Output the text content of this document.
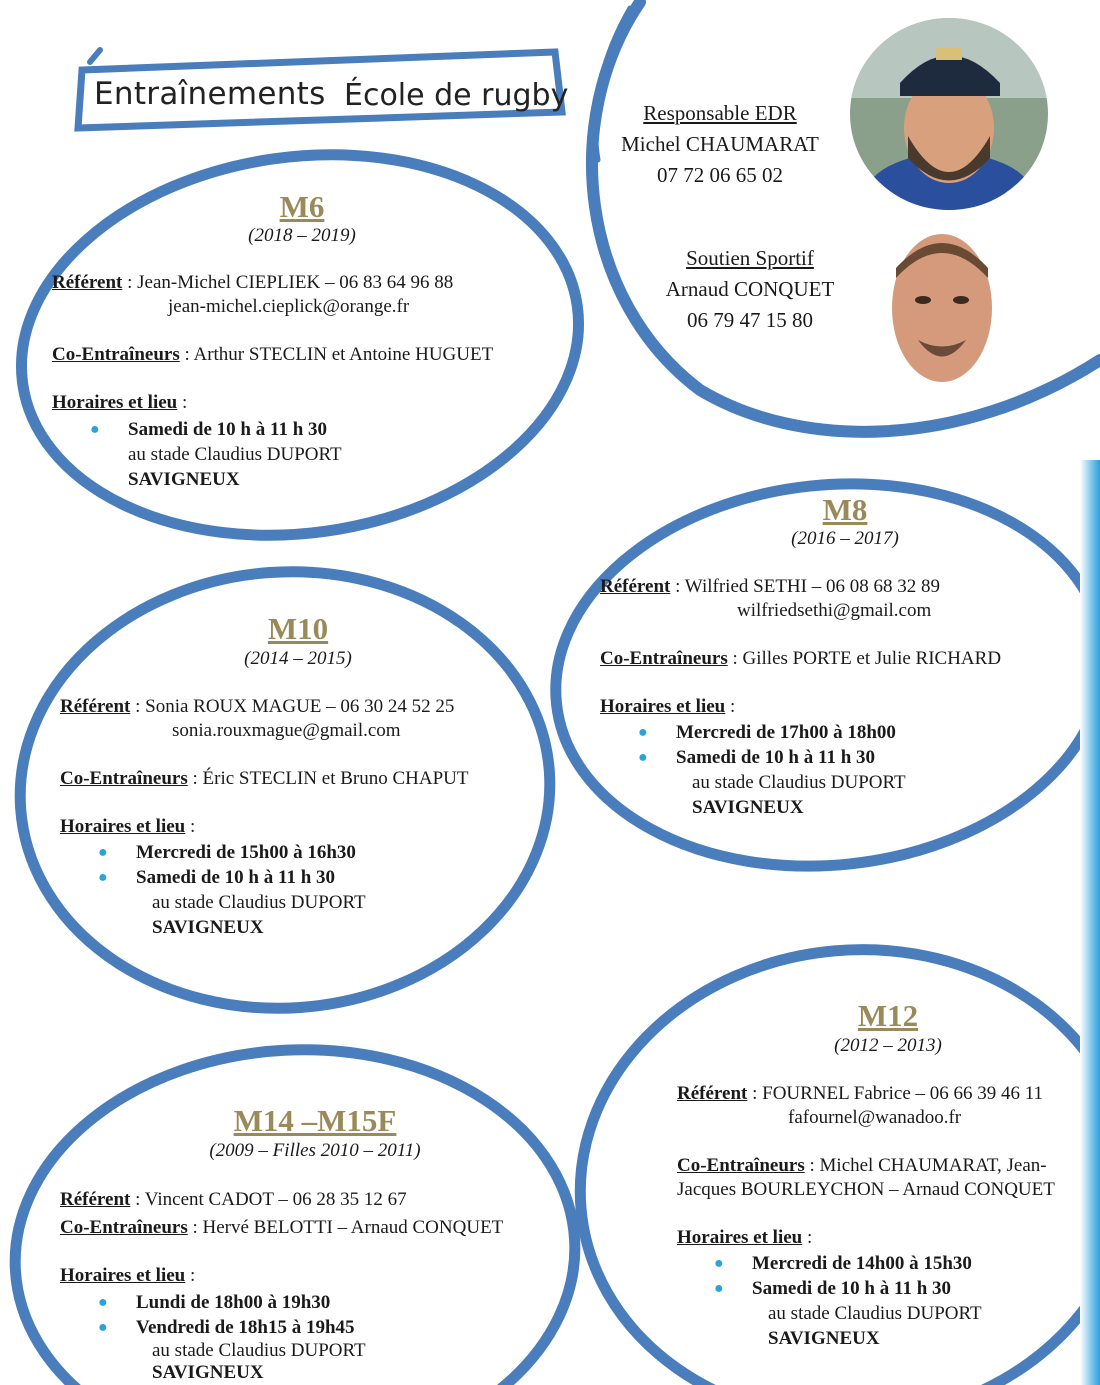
Entraînements École de rugby	Responsable EDR
Michel CHAUMARAT
07 72 06 65 02
Soutien Sportif
Arnaud CONQUET
06 79 47 15 80
M6
(2018 – 2019)
Référent : Jean-Michel CIEPLIEK – 06 83 64 96 88
jean-michel.cieplick@orange.fr
Co-Entraîneurs : Arthur STECLIN et Antoine HUGUET
Horaires et lieu :
● Samedi de 10 h à 11 h 30
au stade Claudius DUPORT
SAVIGNEUX
M8
(2016 – 2017)
Référent : Wilfried SETHI – 06 08 68 32 89
wilfriedsethi@gmail.com
Co-Entraîneurs : Gilles PORTE et Julie RICHARD
Horaires et lieu :
● Mercredi de 17h00 à 18h00
● Samedi de 10 h à 11 h 30
au stade Claudius DUPORT
SAVIGNEUX
M10
(2014 – 2015)
Référent : Sonia ROUX MAGUE – 06 30 24 52 25
sonia.rouxmague@gmail.com
Co-Entraîneurs : Éric STECLIN et Bruno CHAPUT
Horaires et lieu :
● Mercredi de 15h00 à 16h30
● Samedi de 10 h à 11 h 30
au stade Claudius DUPORT
SAVIGNEUX
M12
(2012 – 2013)
Référent : FOURNEL Fabrice – 06 66 39 46 11
fafournel@wanadoo.fr
Co-Entraîneurs : Michel CHAUMARAT, Jean-
Jacques BOURLEYCHON – Arnaud CONQUET
Horaires et lieu :
● Mercredi de 14h00 à 15h30
● Samedi de 10 h à 11 h 30
au stade Claudius DUPORT
SAVIGNEUX
M14 –M15F
(2009 – Filles 2010 – 2011)
Référent : Vincent CADOT – 06 28 35 12 67
Co-Entraîneurs : Hervé BELOTTI – Arnaud CONQUET
Horaires et lieu :
● Lundi de 18h00 à 19h30
● Vendredi de 18h15 à 19h45
au stade Claudius DUPORT
SAVIGNEUX
